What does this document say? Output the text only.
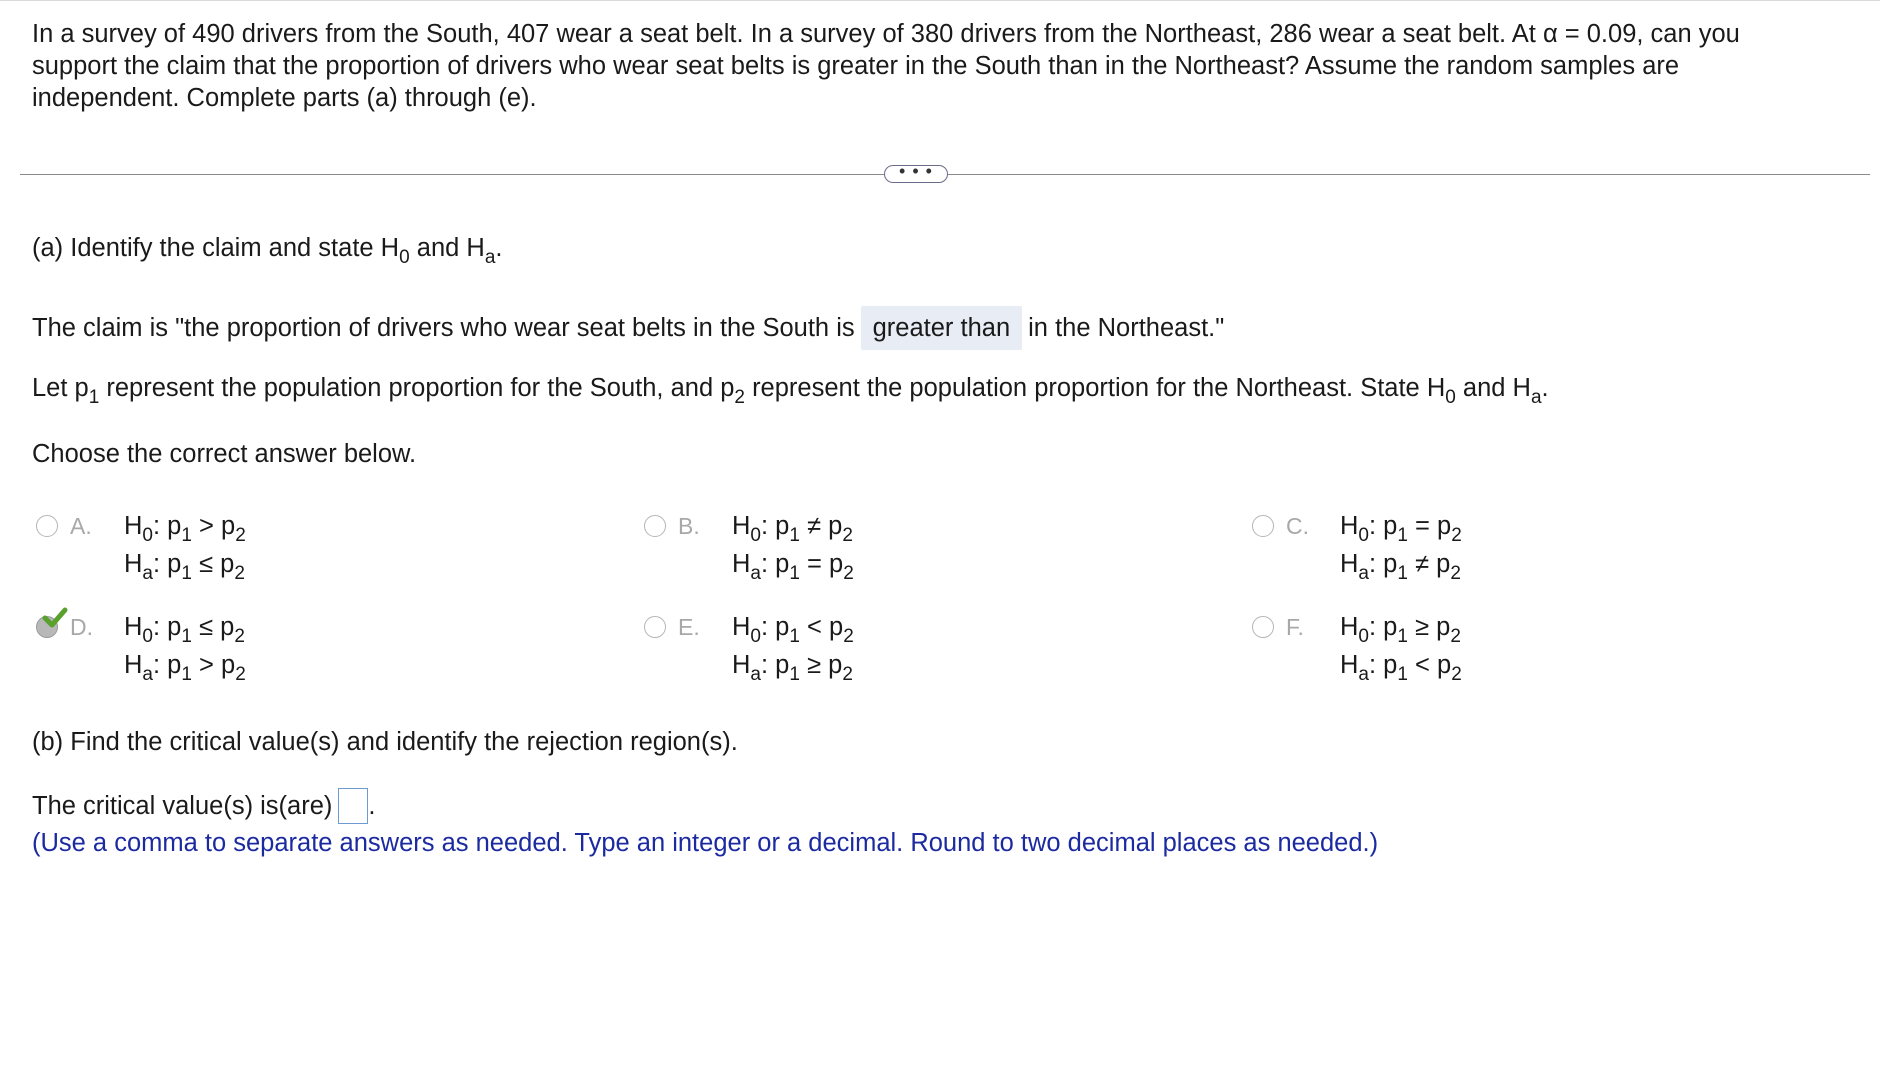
In a survey of 490 drivers from the South, 407 wear a seat belt. In a survey of 380 drivers from the Northeast, 286 wear a seat belt. At α = 0.09, can you support the claim that the proportion of drivers who wear seat belts is greater in the South than in the Northeast? Assume the random samples are independent. Complete parts (a) through (e).
• • •
(a) Identify the claim and state $H_0$ and $H_a$.
The claim is "the proportion of drivers who wear seat belts in the South is greater than in the Northeast."
Let $p_1$ represent the population proportion for the South, and $p_2$ represent the population proportion for the Northeast. State $H_0$ and $H_a$.
Choose the correct answer below.
A. $H_0$: $p_1 > p_2$
$H_a$: $p_1 \le p_2$
B. $H_0$: $p_1 \ne p_2$
$H_a$: $p_1 = p_2$
C. $H_0$: $p_1 = p_2$
$H_a$: $p_1 \ne p_2$
D. $H_0$: $p_1 \le p_2$
$H_a$: $p_1 > p_2$
E. $H_0$: $p_1 < p_2$
$H_a$: $p_1 \ge p_2$
F. $H_0$: $p_1 \ge p_2$
$H_a$: $p_1 < p_2$
(b) Find the critical value(s) and identify the rejection region(s).
The critical value(s) is(are) .
(Use a comma to separate answers as needed. Type an integer or a decimal. Round to two decimal places as needed.)
